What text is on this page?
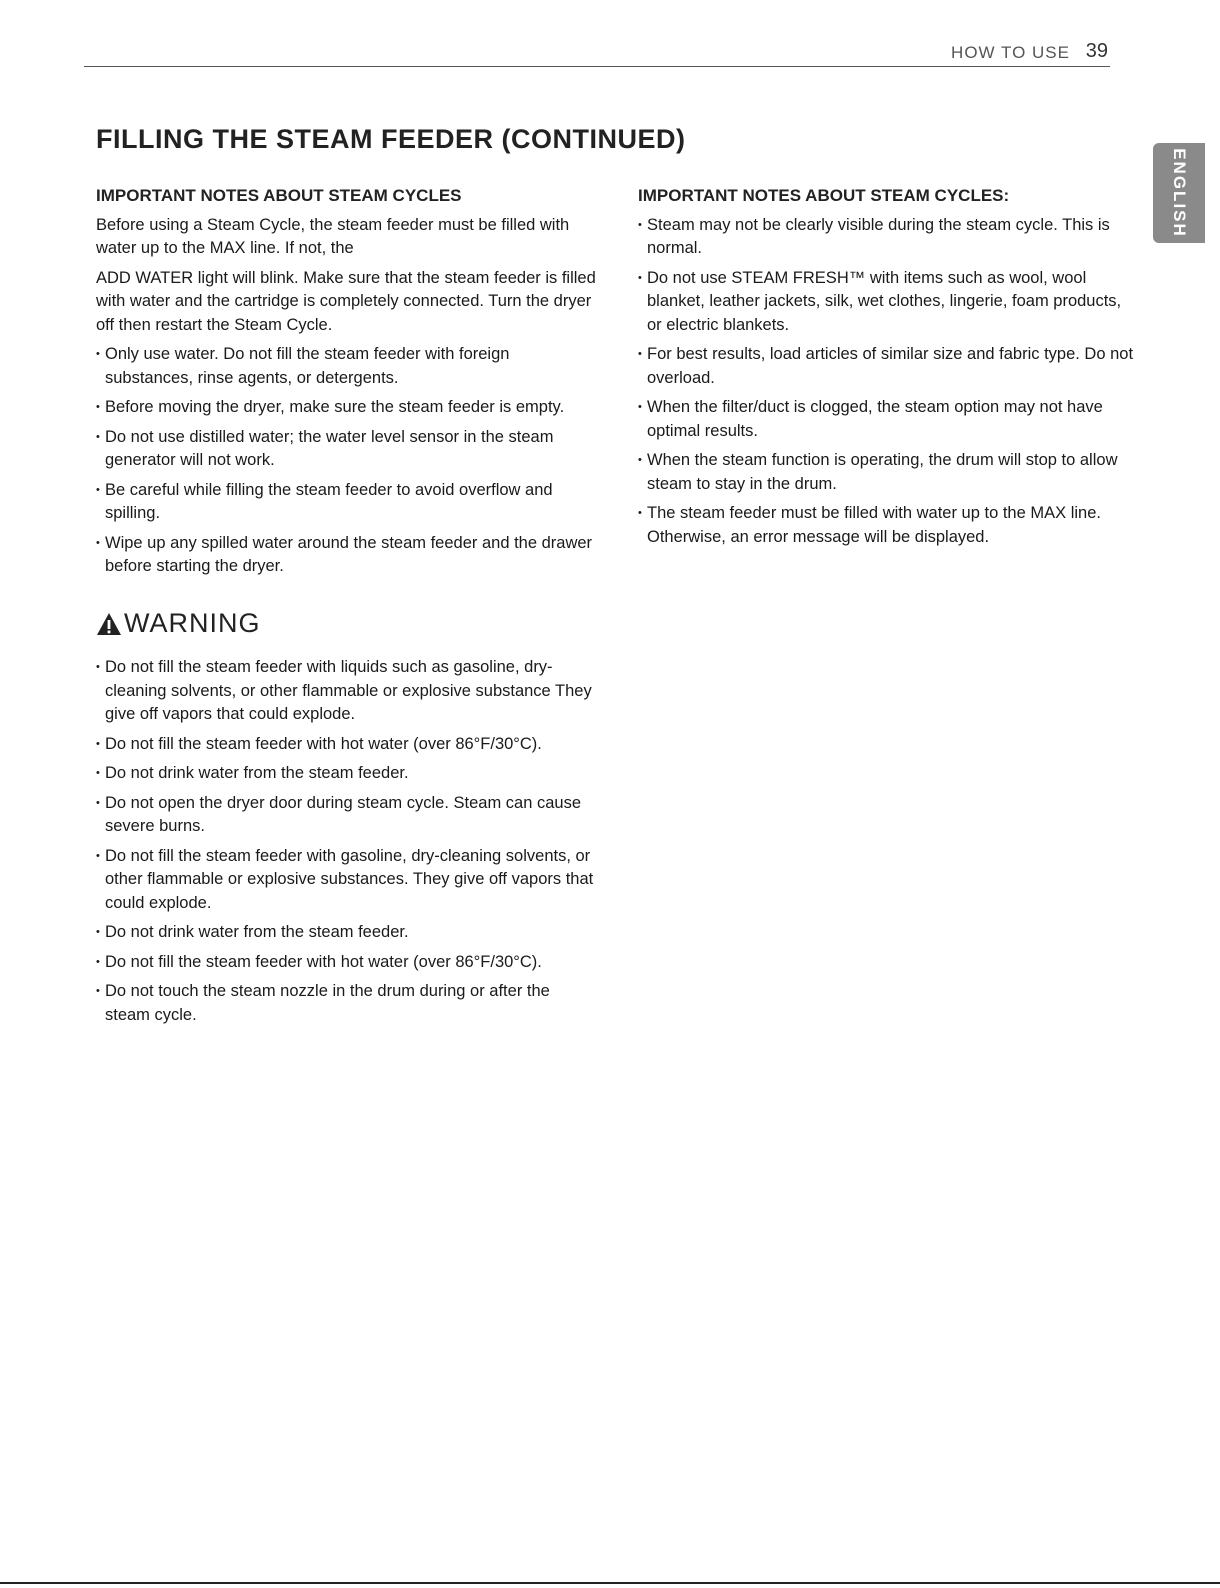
HOW TO USE 39
FILLING THE STEAM FEEDER (CONTINUED)
ENGLISH
IMPORTANT NOTES ABOUT STEAM CYCLES

Before using a Steam Cycle, the steam feeder must be filled with water up to the MAX line. If not, the

ADD WATER light will blink. Make sure that the steam feeder is filled with water and the cartridge is completely connected. Turn the dryer off then restart the Steam Cycle.

• Only use water. Do not fill the steam feeder with foreign substances, rinse agents, or detergents.
• Before moving the dryer, make sure the steam feeder is empty.
• Do not use distilled water; the water level sensor in the steam generator will not work.
• Be careful while filling the steam feeder to avoid overflow and spilling.
• Wipe up any spilled water around the steam feeder and the drawer before starting the dryer.
IMPORTANT NOTES ABOUT STEAM CYCLES:
• Steam may not be clearly visible during the steam cycle. This is normal.
• Do not use STEAM FRESH™ with items such as wool, wool blanket, leather jackets, silk, wet clothes, lingerie, foam products, or electric blankets.
• For best results, load articles of similar size and fabric type. Do not overload.
• When the filter/duct is clogged, the steam option may not have optimal results.
• When the steam function is operating, the drum will stop to allow steam to stay in the drum.
• The steam feeder must be filled with water up to the MAX line. Otherwise, an error message will be displayed.
WARNING
• Do not fill the steam feeder with liquids such as gasoline, dry-cleaning solvents, or other flammable or explosive substance They give off vapors that could explode.
• Do not fill the steam feeder with hot water (over 86°F/30°C).
• Do not drink water from the steam feeder.
• Do not open the dryer door during steam cycle. Steam can cause severe burns.
• Do not fill the steam feeder with gasoline, dry-cleaning solvents, or other flammable or explosive substances. They give off vapors that could explode.
• Do not drink water from the steam feeder.
• Do not fill the steam feeder with hot water (over 86°F/30°C).
• Do not touch the steam nozzle in the drum during or after the steam cycle.
